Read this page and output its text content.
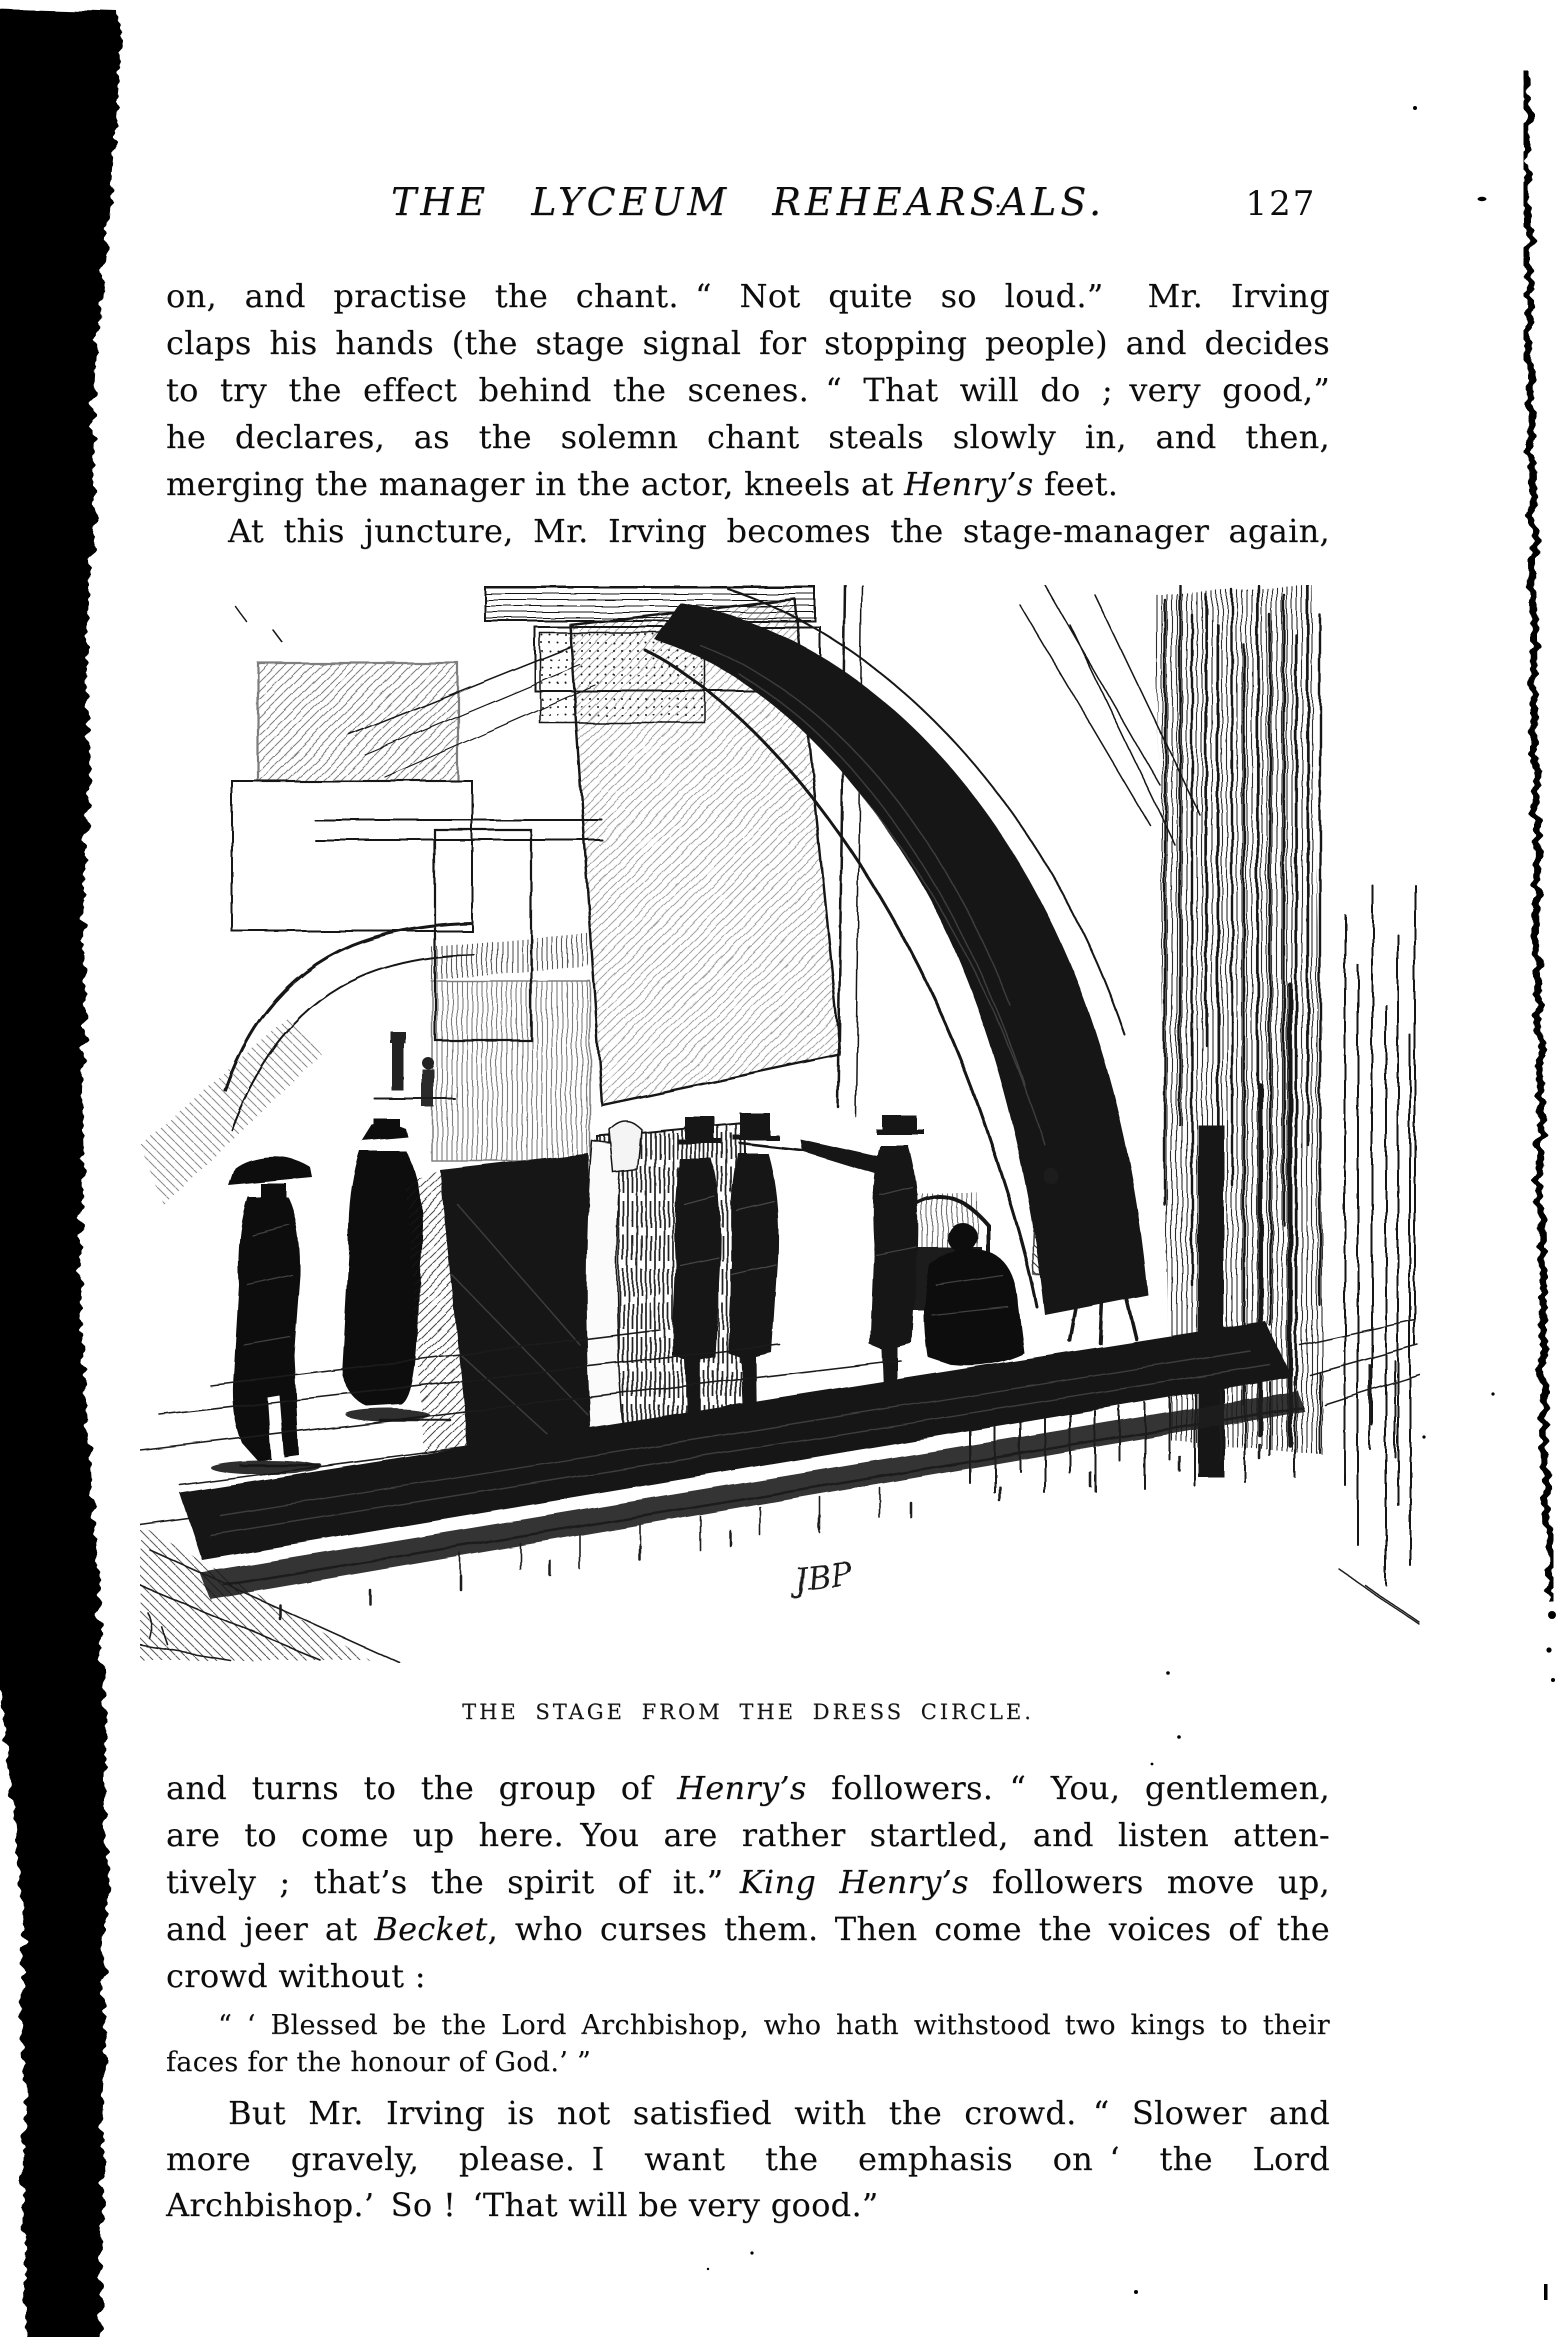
THE LYCEUM REHEARSALS.	127
on, and practise the chant. “ Not quite so loud.”  Mr. Irving
claps his hands (the stage signal for stopping people) and decides
to try the effect behind the scenes. “ That will do ; very good,”
he declares, as the solemn chant steals slowly in, and then,
merging the manager in the actor, kneels at Henry’s feet.
At this juncture, Mr. Irving becomes the stage-manager again,
JBP
THE STAGE FROM THE DRESS CIRCLE.
and turns to the group of Henry’s followers. “ You, gentlemen,
are to come up here. You are rather startled, and listen atten-
tively ; that’s the spirit of it.” King Henry’s followers move up,
and jeer at Becket, who curses them. Then come the voices of the
crowd without :
“ ‘ Blessed be the Lord Archbishop, who hath withstood two kings to their
faces for the honour of God.’ ”
But Mr. Irving is not satisfied with the crowd. “ Slower and
more gravely, please. I want the emphasis on ‘ the Lord
Archbishop.’ So ! ‘That will be very good.”
